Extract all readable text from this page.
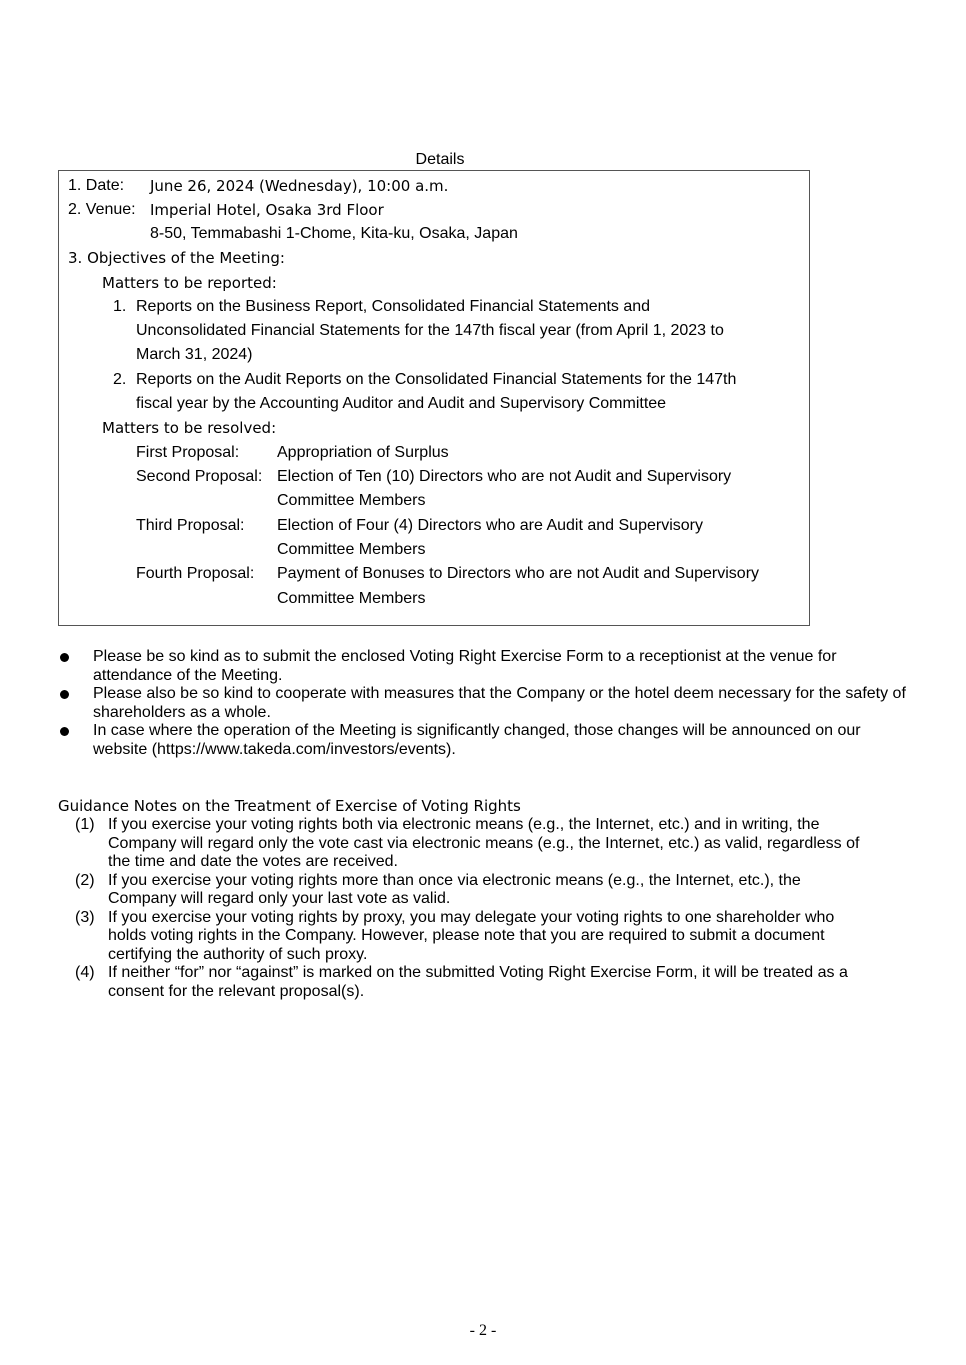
Details
1. Date: June 26, 2024 (Wednesday), 10:00 a.m.
2. Venue: Imperial Hotel, Osaka 3rd Floor
8-50, Temmabashi 1-Chome, Kita-ku, Osaka, Japan
3. Objectives of the Meeting:
Matters to be reported:
1. Reports on the Business Report, Consolidated Financial Statements and
Unconsolidated Financial Statements for the 147th fiscal year (from April 1, 2023 to
March 31, 2024)
2. Reports on the Audit Reports on the Consolidated Financial Statements for the 147th
fiscal year by the Accounting Auditor and Audit and Supervisory Committee
Matters to be resolved:
First Proposal: Appropriation of Surplus
Second Proposal: Election of Ten (10) Directors who are not Audit and Supervisory
Committee Members
Third Proposal: Election of Four (4) Directors who are Audit and Supervisory
Committee Members
Fourth Proposal: Payment of Bonuses to Directors who are not Audit and Supervisory
Committee Members
Please be so kind as to submit the enclosed Voting Right Exercise Form to a receptionist at the venue for attendance of the Meeting.
Please also be so kind to cooperate with measures that the Company or the hotel deem necessary for the safety of shareholders as a whole.
In case where the operation of the Meeting is significantly changed, those changes will be announced on our website (https://www.takeda.com/investors/events).
Guidance Notes on the Treatment of Exercise of Voting Rights
(1) If you exercise your voting rights both via electronic means (e.g., the Internet, etc.) and in writing, the Company will regard only the vote cast via electronic means (e.g., the Internet, etc.) as valid, regardless of the time and date the votes are received.
(2) If you exercise your voting rights more than once via electronic means (e.g., the Internet, etc.), the Company will regard only your last vote as valid.
(3) If you exercise your voting rights by proxy, you may delegate your voting rights to one shareholder who holds voting rights in the Company. However, please note that you are required to submit a document certifying the authority of such proxy.
(4) If neither “for” nor “against” is marked on the submitted Voting Right Exercise Form, it will be treated as a consent for the relevant proposal(s).
- 2 -
